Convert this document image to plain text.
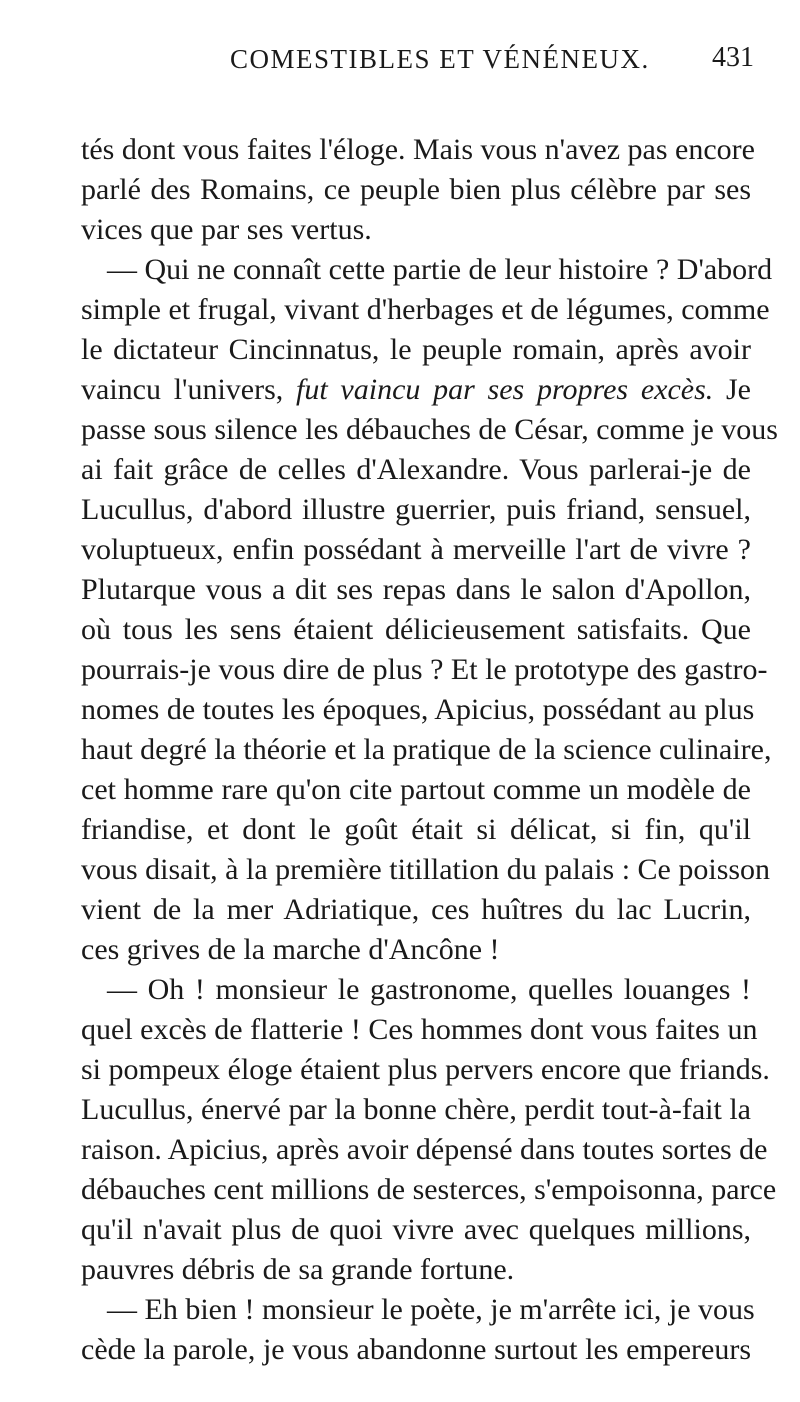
COMESTIBLES ET VÉNÉNEUX. 431
tés dont vous faites l'éloge. Mais vous n'avez pas encore
parlé des Romains, ce peuple bien plus célèbre par ses
vices que par ses vertus.
— Qui ne connaît cette partie de leur histoire ? D'abord
simple et frugal, vivant d'herbages et de légumes, comme
le dictateur Cincinnatus, le peuple romain, après avoir
vaincu l'univers, fut vaincu par ses propres excès. Je
passe sous silence les débauches de César, comme je vous
ai fait grâce de celles d'Alexandre. Vous parlerai-je de
Lucullus, d'abord illustre guerrier, puis friand, sensuel,
voluptueux, enfin possédant à merveille l'art de vivre ?
Plutarque vous a dit ses repas dans le salon d'Apollon,
où tous les sens étaient délicieusement satisfaits. Que
pourrais-je vous dire de plus ? Et le prototype des gastro-
nomes de toutes les époques, Apicius, possédant au plus
haut degré la théorie et la pratique de la science culinaire,
cet homme rare qu'on cite partout comme un modèle de
friandise, et dont le goût était si délicat, si fin, qu'il
vous disait, à la première titillation du palais : Ce poisson
vient de la mer Adriatique, ces huîtres du lac Lucrin,
ces grives de la marche d'Ancône !
— Oh ! monsieur le gastronome, quelles louanges !
quel excès de flatterie ! Ces hommes dont vous faites un
si pompeux éloge étaient plus pervers encore que friands.
Lucullus, énervé par la bonne chère, perdit tout-à-fait la
raison. Apicius, après avoir dépensé dans toutes sortes de
débauches cent millions de sesterces, s'empoisonna, parce
qu'il n'avait plus de quoi vivre avec quelques millions,
pauvres débris de sa grande fortune.
— Eh bien ! monsieur le poète, je m'arrête ici, je vous
cède la parole, je vous abandonne surtout les empereurs
